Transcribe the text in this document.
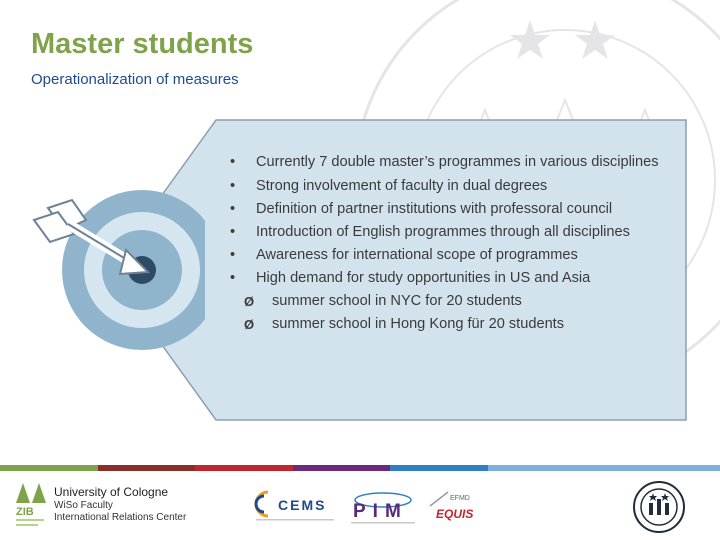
Master students
Operationalization of measures
• Currently 7 double master’s programmes in various disciplines
• Strong involvement of faculty in dual degrees
• Definition of partner institutions with professoral council
• Introduction of English programmes through all disciplines
• Awareness for international scope of programmes
• High demand for study opportunities in US and Asia
Ø summer school in NYC for 20 students
Ø summer school in Hong Kong für 20 students
ZIB
University of Cologne
WiSo Faculty
International Relations Center
CEMS PIM
EFMD
EQUIS
